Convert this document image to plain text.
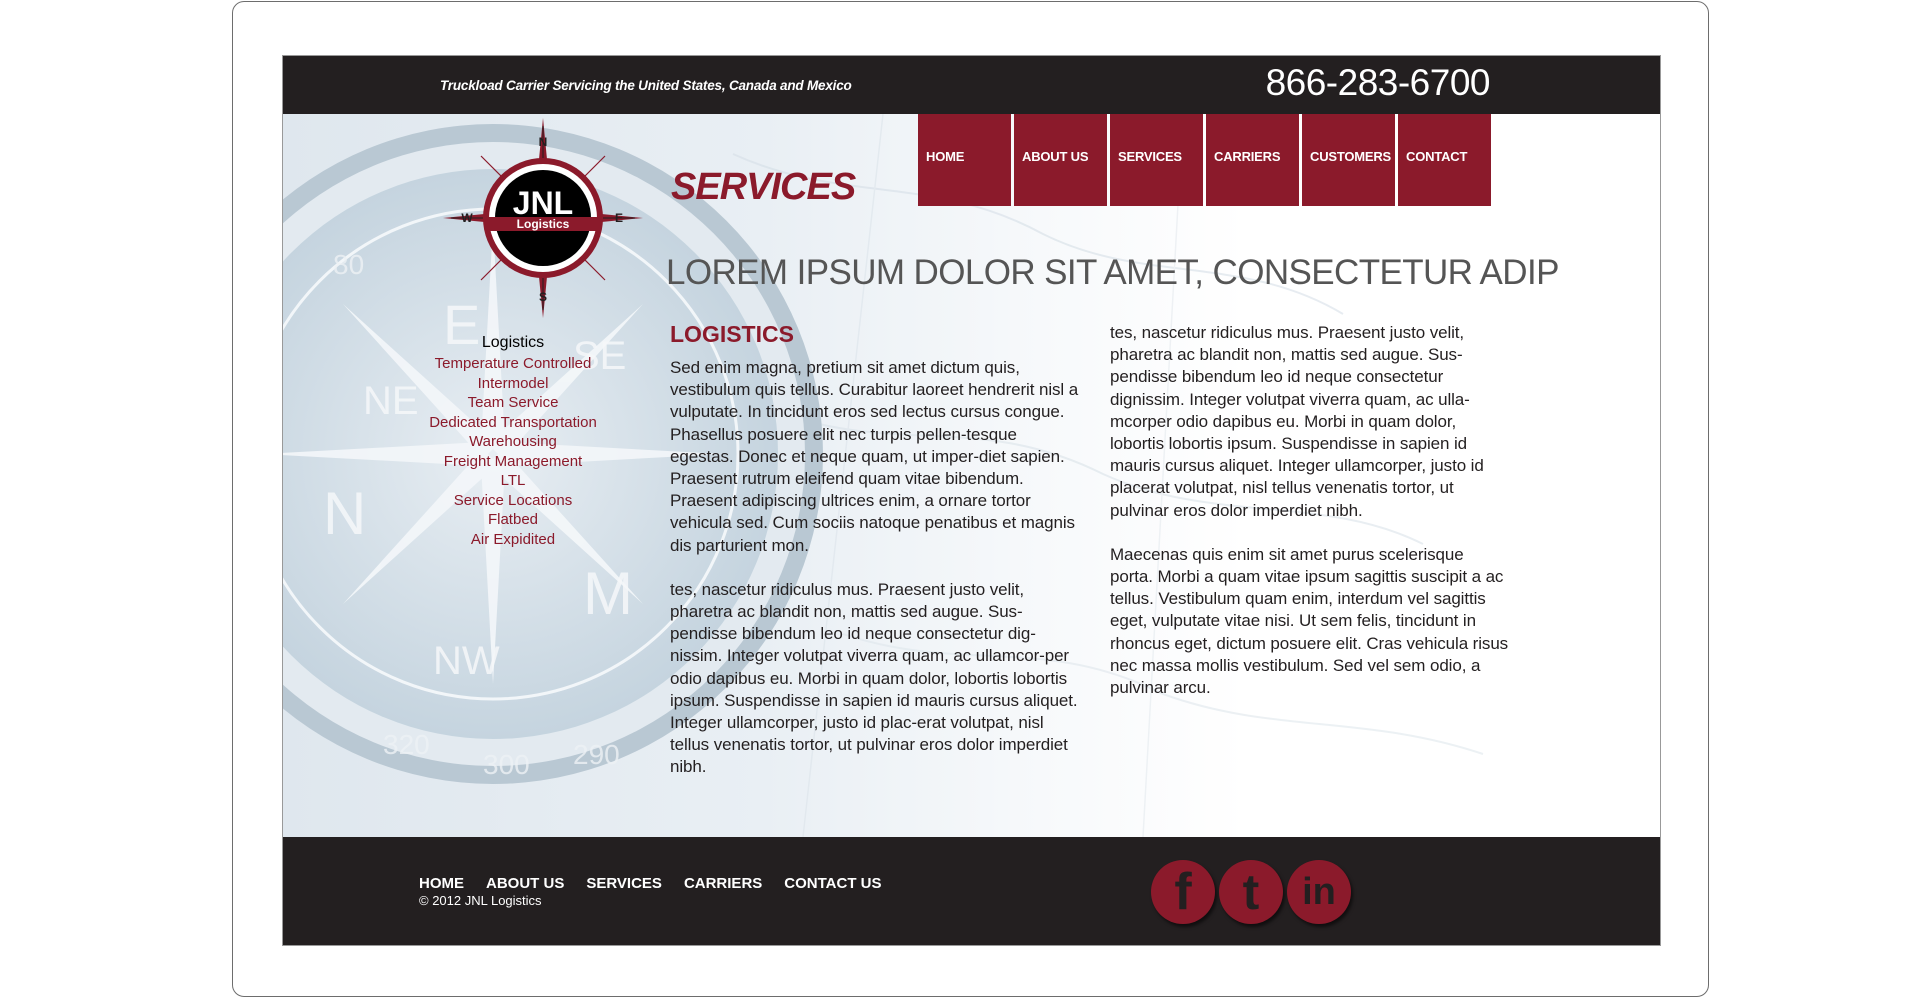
Truckload Carrier Servicing the United States, Canada and Mexico	866-283-6700
E SE
N
M
NW
NE
320
300 290
80
JNL
Logistics
N
S
W	E
SERVICES
HOME	ABOUT US	SERVICES	CARRIERS	CUSTOMERS	CONTACT
LOREM IPSUM DOLOR SIT AMET, CONSECTETUR ADIP
Logistics
Temperature Controlled
Intermodel
Team Service
Dedicated Transportation
Warehousing
Freight Management
LTL
Service Locations
Flatbed
Air Expidited
LOGISTICS

Sed enim magna, pretium sit amet dictum quis, vestibulum quis tellus. Curabitur laoreet hendrerit nisl a vulputate. In tincidunt eros sed lectus cursus congue. Phasellus posuere elit nec turpis pellen-tesque egestas. Donec et neque quam, ut imper-diet sapien. Praesent rutrum eleifend quam vitae bibendum. Praesent adipiscing ultrices enim, a ornare tortor vehicula sed. Cum sociis natoque penatibus et magnis dis parturient mon.

tes, nascetur ridiculus mus. Praesent justo velit, pharetra ac blandit non, mattis sed augue. Sus-pendisse bibendum leo id neque consectetur dig-nissim. Integer volutpat viverra quam, ac ullamcor-per odio dapibus eu. Morbi in quam dolor, lobortis lobortis ipsum. Suspendisse in sapien id mauris cursus aliquet. Integer ullamcorper, justo id plac-erat volutpat, nisl tellus venenatis tortor, ut pulvinar eros dolor imperdiet nibh.

tes, nascetur ridiculus mus. Praesent justo velit, pharetra ac blandit non, mattis sed augue. Sus-pendisse bibendum leo id neque consectetur dignissim. Integer volutpat viverra quam, ac ulla-mcorper odio dapibus eu. Morbi in quam dolor, lobortis lobortis ipsum. Suspendisse in sapien id mauris cursus aliquet. Integer ullamcorper, justo id placerat volutpat, nisl tellus venenatis tortor, ut pulvinar eros dolor imperdiet nibh.

Maecenas quis enim sit amet purus scelerisque porta. Morbi a quam vitae ipsum sagittis suscipit a ac tellus. Vestibulum quam enim, interdum vel sagittis eget, vulputate vitae nisi. Ut sem felis, tincidunt in rhoncus eget, dictum posuere elit. Cras vehicula risus nec massa mollis vestibulum. Sed vel sem odio, a pulvinar arcu.

HOME ABOUT US SERVICES CARRIERS CONTACT US
© 2012 JNL Logistics	f t in
